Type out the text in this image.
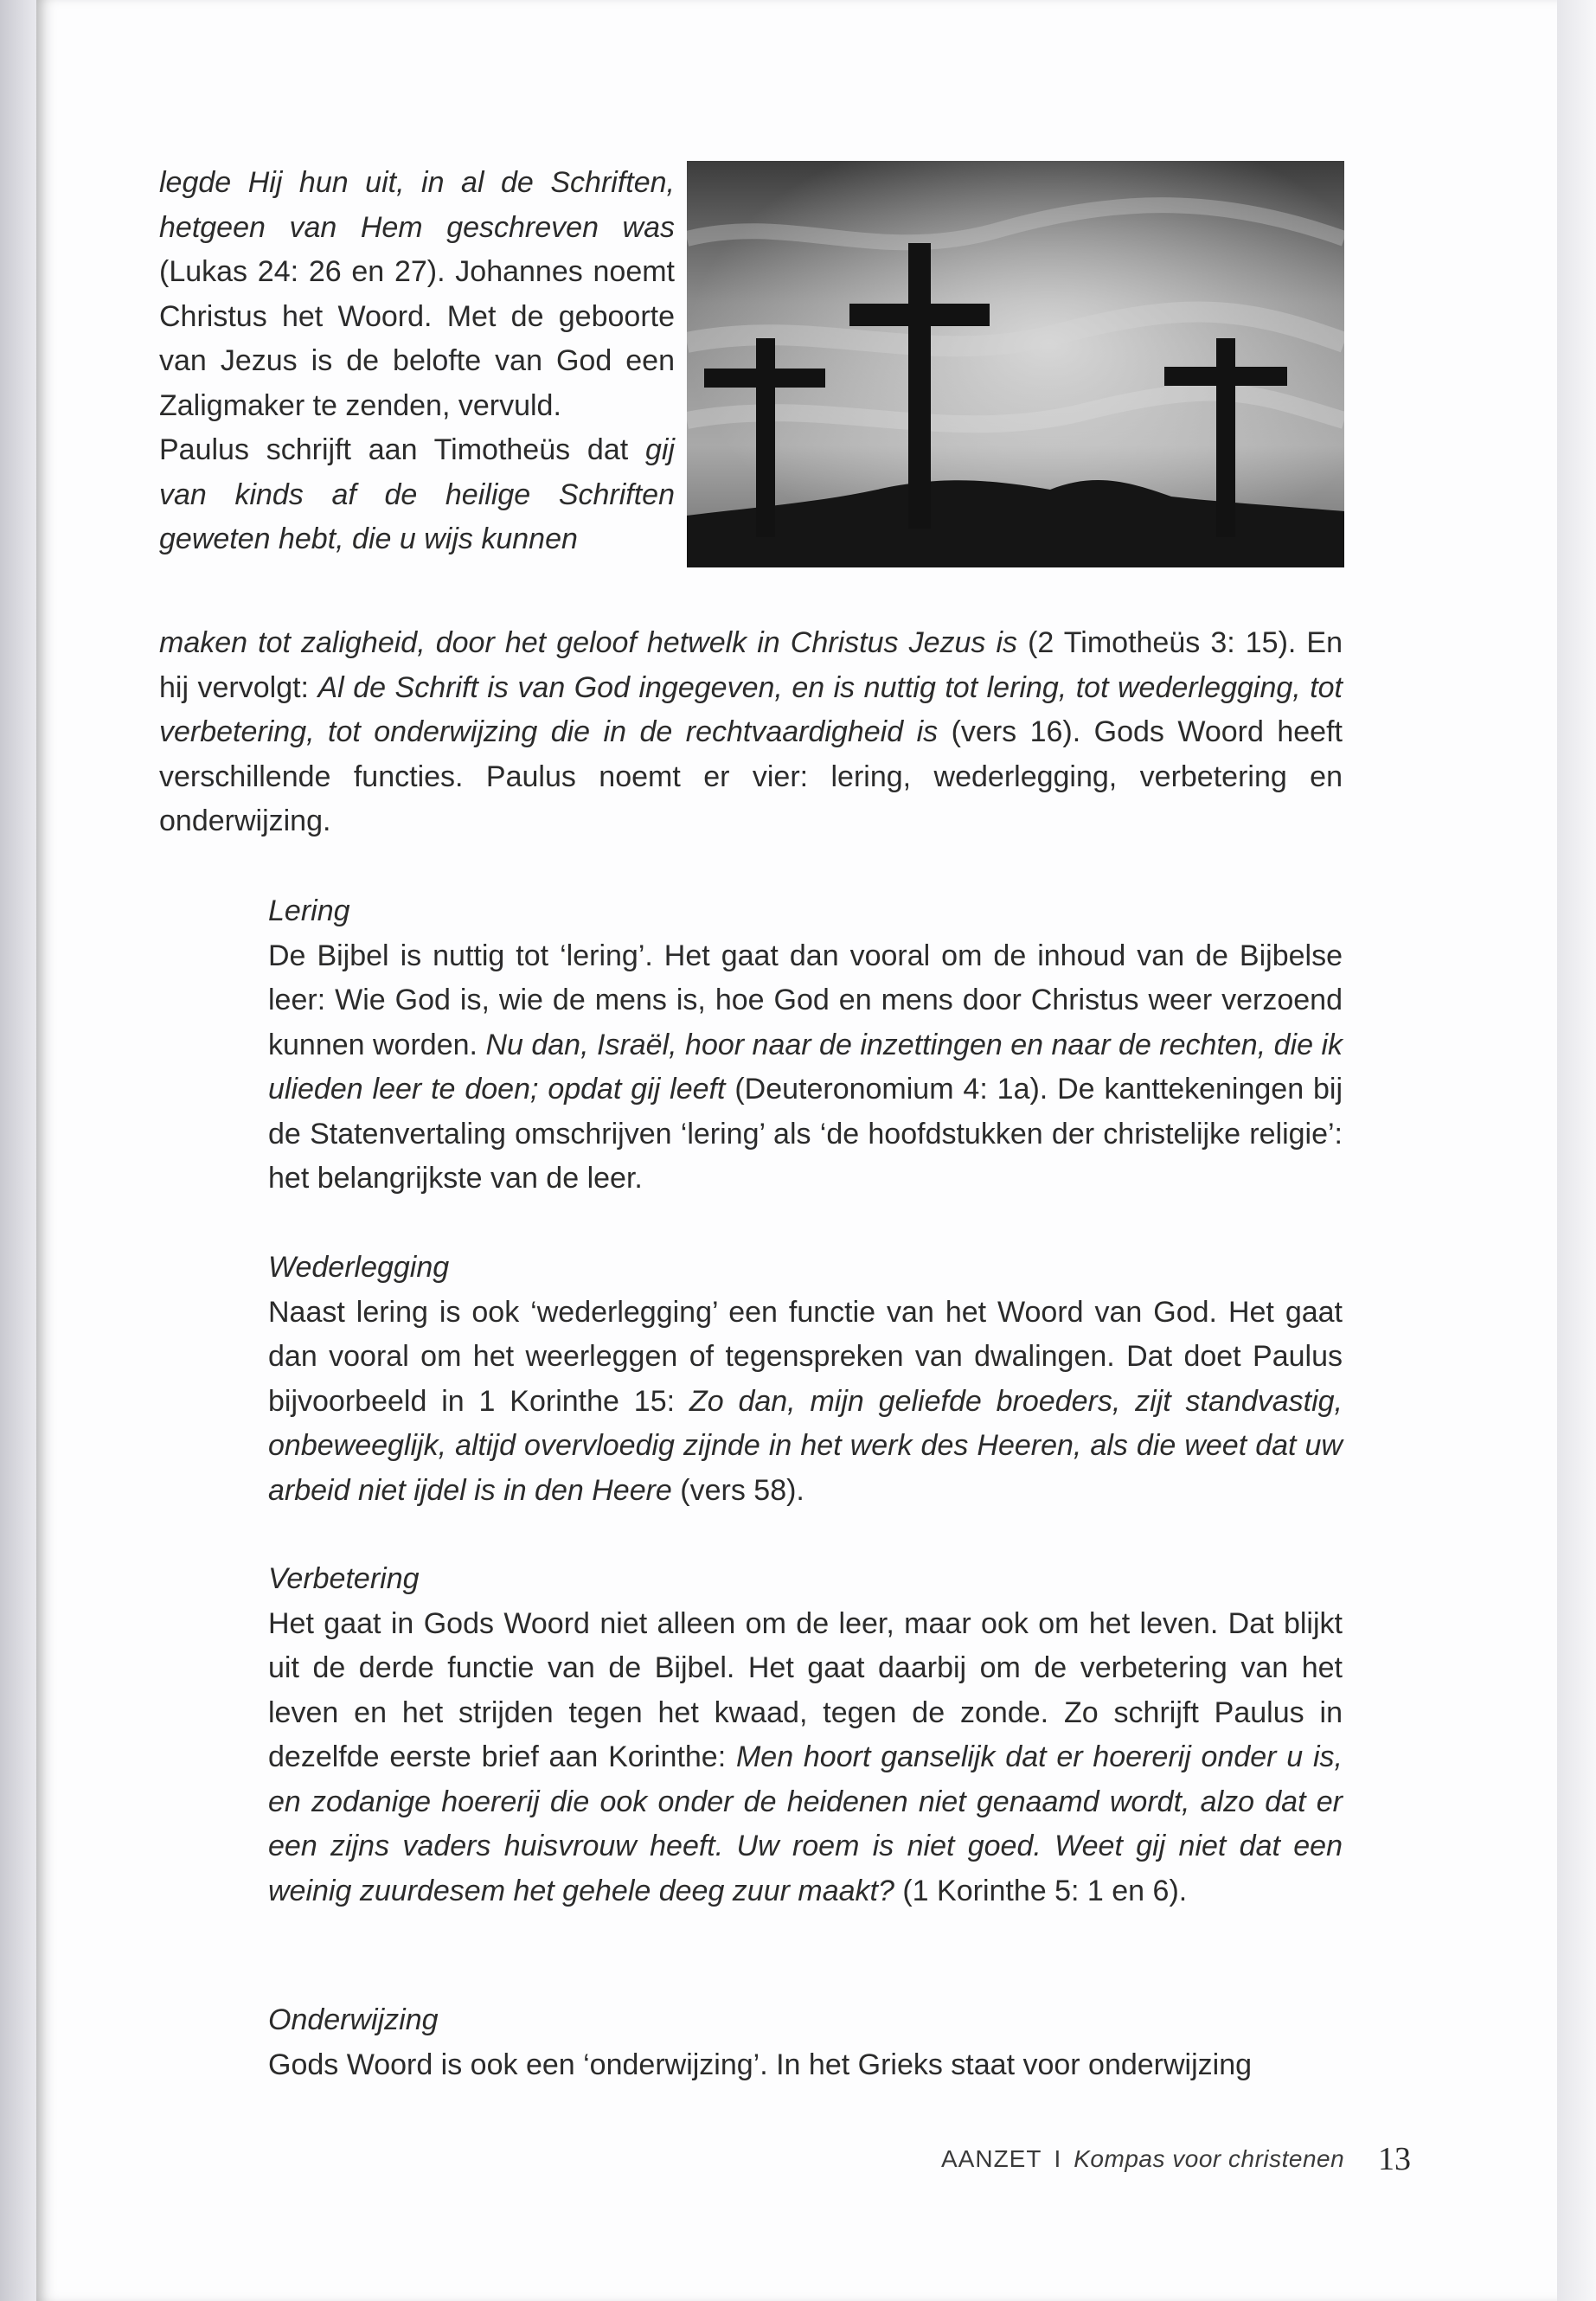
legde Hij hun uit, in al de Schriften, hetgeen van Hem geschreven was (Lukas 24: 26 en 27). Johannes noemt Christus het Woord. Met de geboorte van Jezus is de belofte van God een Zaligmaker te zenden, vervuld.

Paulus schrijft aan Timotheüs dat gij van kinds af de heilige Schriften geweten hebt, die u wijs kunnen

maken tot zaligheid, door het geloof hetwelk in Christus Jezus is (2 Timotheüs 3: 15). En hij vervolgt: Al de Schrift is van God ingegeven, en is nuttig tot lering, tot wederlegging, tot verbetering, tot onderwijzing die in de rechtvaardigheid is (vers 16). Gods Woord heeft verschillende functies. Paulus noemt er vier: lering, wederlegging, verbetering en onderwijzing.

Lering

De Bijbel is nuttig tot ‘lering’. Het gaat dan vooral om de inhoud van de Bijbelse leer: Wie God is, wie de mens is, hoe God en mens door Christus weer verzoend kunnen worden. Nu dan, Israël, hoor naar de inzettingen en naar de rechten, die ik ulieden leer te doen; opdat gij leeft (Deuteronomium 4: 1a). De kanttekeningen bij de Statenvertaling omschrijven ‘lering’ als ‘de hoofdstukken der christelijke religie’: het belangrijkste van de leer.

Wederlegging

Naast lering is ook ‘wederlegging’ een functie van het Woord van God. Het gaat dan vooral om het weerleggen of tegenspreken van dwalingen. Dat doet Paulus bijvoorbeeld in 1 Korinthe 15: Zo dan, mijn geliefde broeders, zijt standvastig, onbeweeglijk, altijd overvloedig zijnde in het werk des Heeren, als die weet dat uw arbeid niet ijdel is in den Heere (vers 58).

Verbetering

Het gaat in Gods Woord niet alleen om de leer, maar ook om het leven. Dat blijkt uit de derde functie van de Bijbel. Het gaat daarbij om de verbetering van het leven en het strijden tegen het kwaad, tegen de zonde. Zo schrijft Paulus in dezelfde eerste brief aan Korinthe: Men hoort ganselijk dat er hoererij onder u is, en zodanige hoererij die ook onder de heidenen niet genaamd wordt, alzo dat er een zijns vaders huisvrouw heeft. Uw roem is niet goed. Weet gij niet dat een weinig zuurdesem het gehele deeg zuur maakt? (1 Korinthe 5: 1 en 6).

Onderwijzing

Gods Woord is ook een ‘onderwijzing’. In het Grieks staat voor onderwijzing

AANZET I Kompas voor christenen 13
